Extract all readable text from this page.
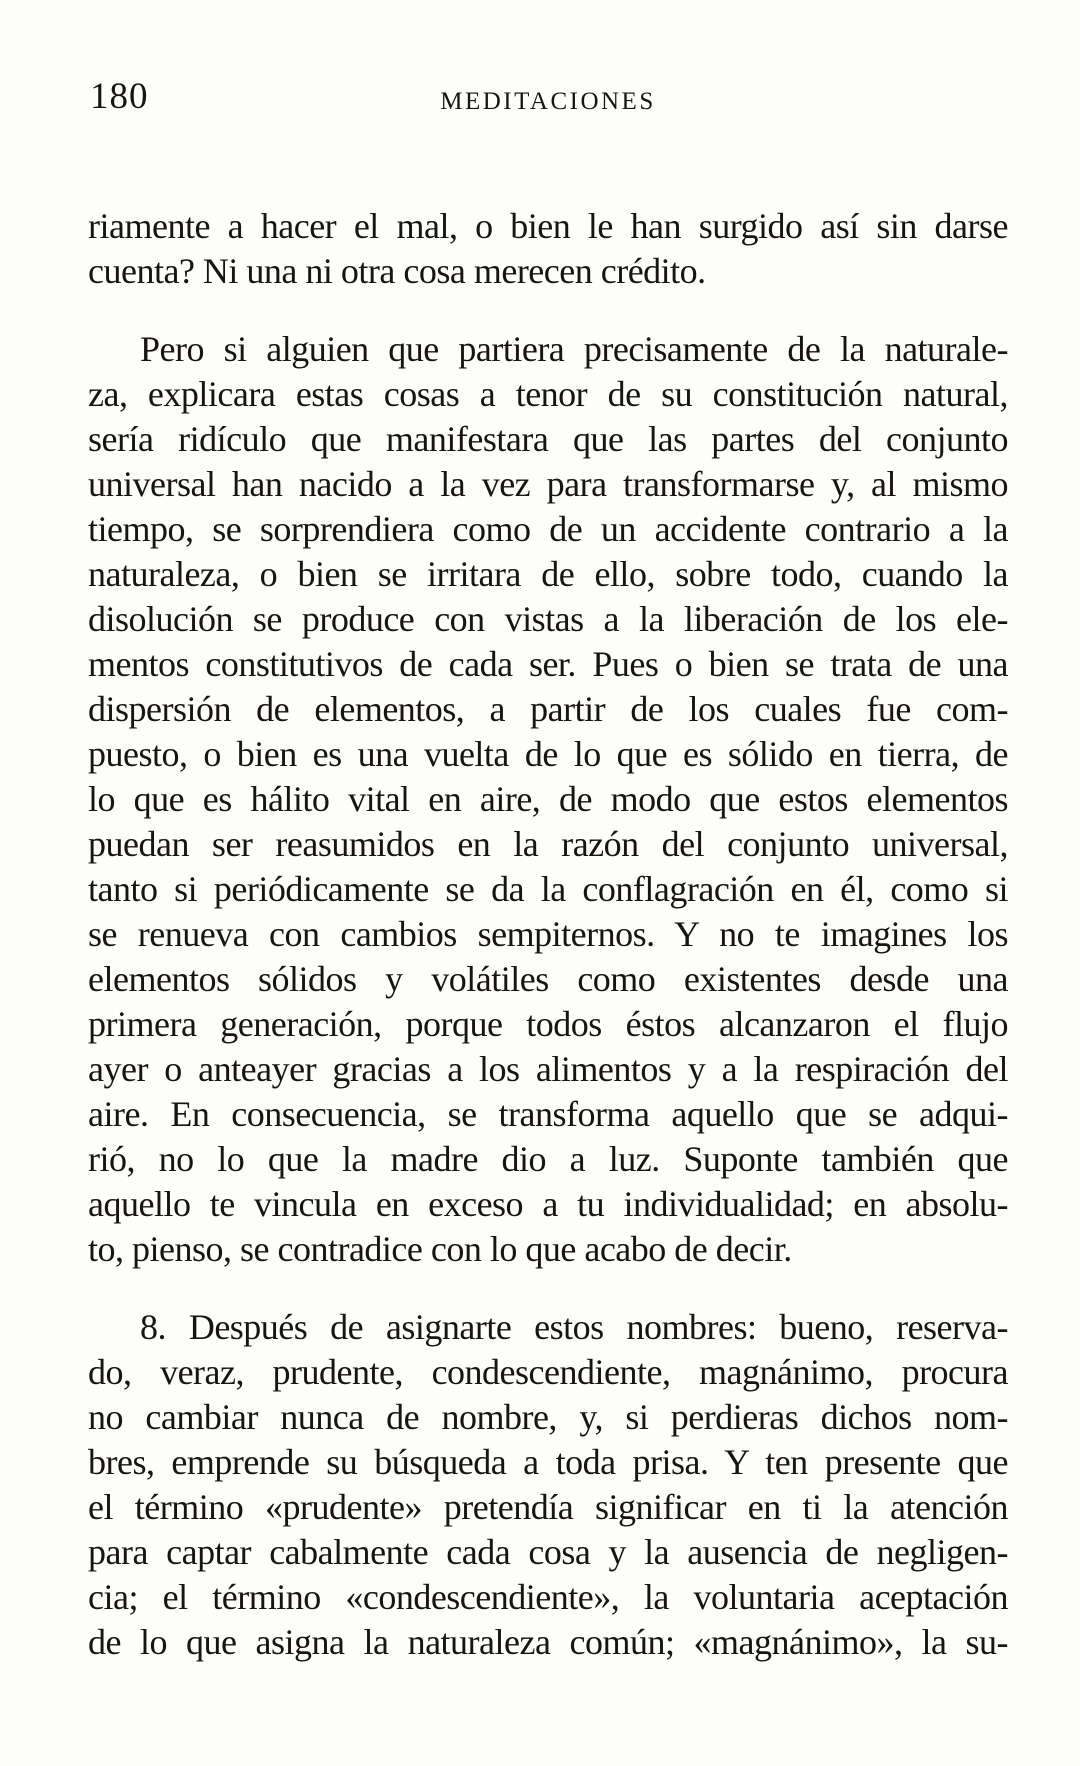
180	MEDITACIONES
riamente a hacer el mal, o bien le han surgido así sin darse
cuenta? Ni una ni otra cosa merecen crédito.
Pero si alguien que partiera precisamente de la naturale-
za, explicara estas cosas a tenor de su constitución natural,
sería ridículo que manifestara que las partes del conjunto
universal han nacido a la vez para transformarse y, al mismo
tiempo, se sorprendiera como de un accidente contrario a la
naturaleza, o bien se irritara de ello, sobre todo, cuando la
disolución se produce con vistas a la liberación de los ele-
mentos constitutivos de cada ser. Pues o bien se trata de una
dispersión de elementos, a partir de los cuales fue com-
puesto, o bien es una vuelta de lo que es sólido en tierra, de
lo que es hálito vital en aire, de modo que estos elementos
puedan ser reasumidos en la razón del conjunto universal,
tanto si periódicamente se da la conflagración en él, como si
se renueva con cambios sempiternos. Y no te imagines los
elementos sólidos y volátiles como existentes desde una
primera generación, porque todos éstos alcanzaron el flujo
ayer o anteayer gracias a los alimentos y a la respiración del
aire. En consecuencia, se transforma aquello que se adqui-
rió, no lo que la madre dio a luz. Suponte también que
aquello te vincula en exceso a tu individualidad; en absolu-
to, pienso, se contradice con lo que acabo de decir.
8. Después de asignarte estos nombres: bueno, reserva-
do, veraz, prudente, condescendiente, magnánimo, procura
no cambiar nunca de nombre, y, si perdieras dichos nom-
bres, emprende su búsqueda a toda prisa. Y ten presente que
el término «prudente» pretendía significar en ti la atención
para captar cabalmente cada cosa y la ausencia de negligen-
cia; el término «condescendiente», la voluntaria aceptación
de lo que asigna la naturaleza común; «magnánimo», la su-
